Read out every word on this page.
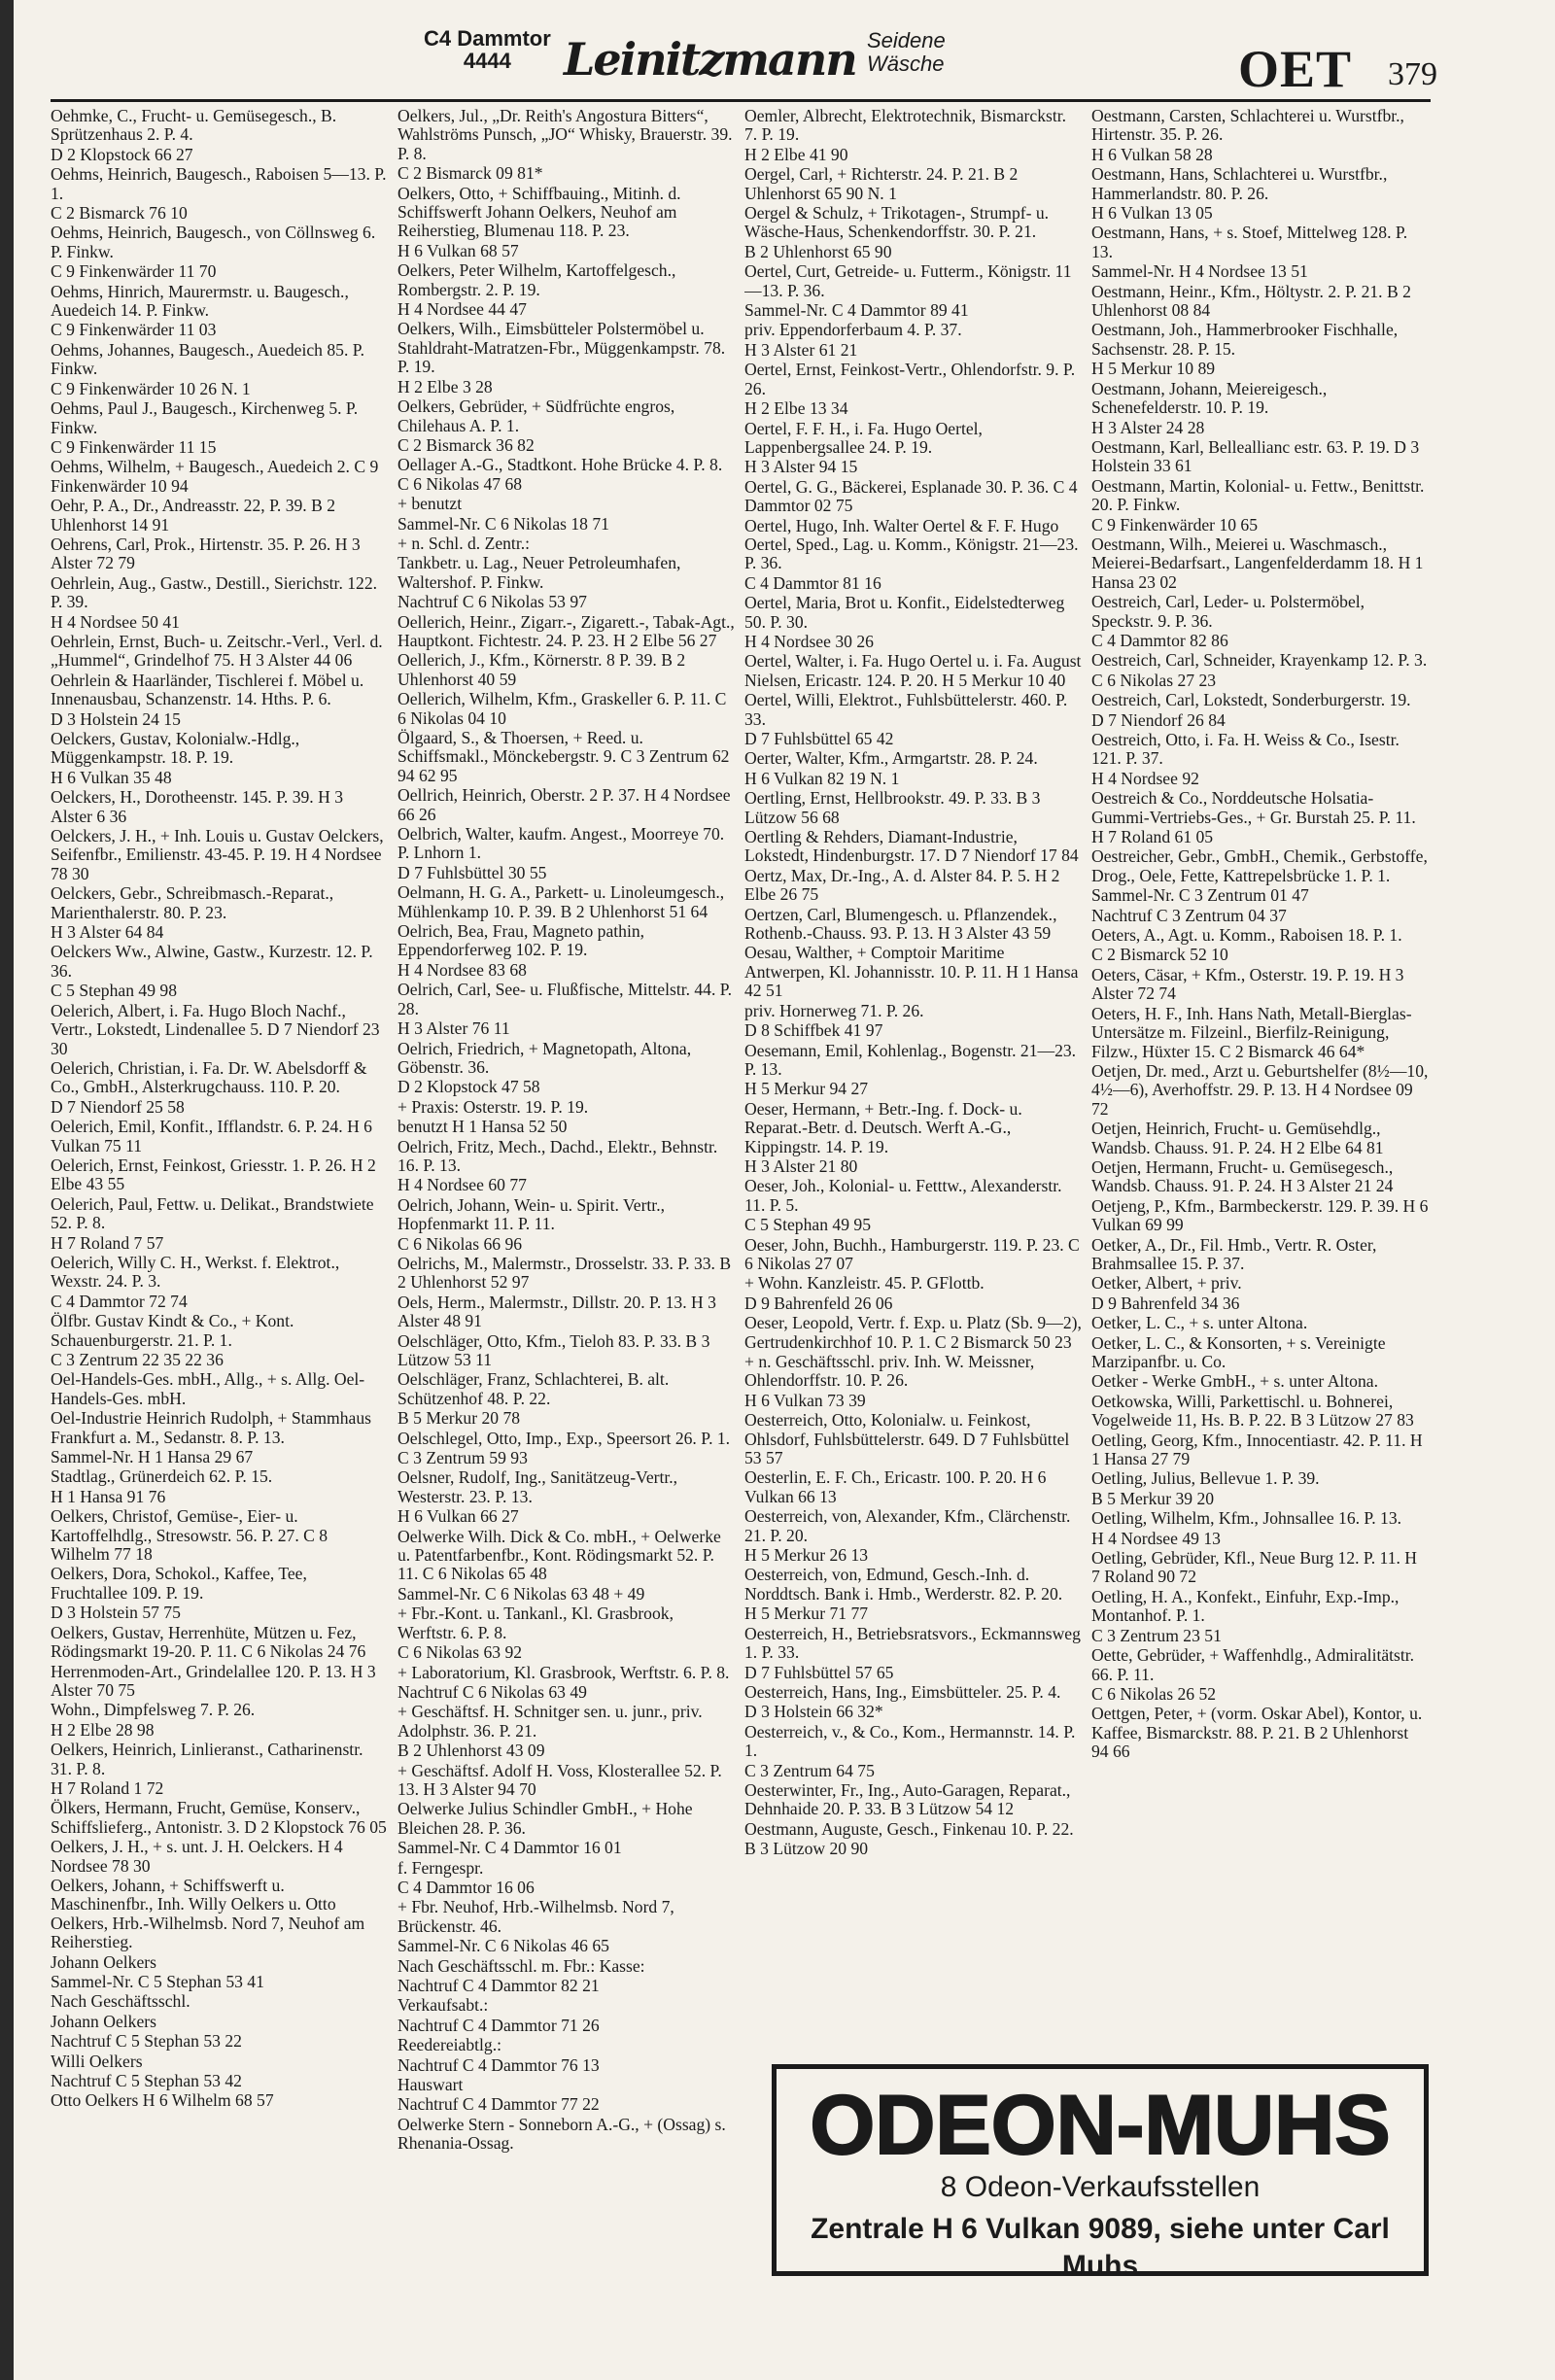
C4 Dammtor
4444	Leinitzmann Seidene
Wäsche	OET 379
Oehmke, C., Frucht- u. Gemüsegesch., B. Sprützenhaus 2. P. 4.
D 2 Klopstock 66 27
Oehms, Heinrich, Baugesch., Raboisen 5—13. P. 1.
C 2 Bismarck 76 10
Oehms, Heinrich, Baugesch., von Cöllnsweg 6. P. Finkw.
C 9 Finkenwärder 11 70
Oehms, Hinrich, Maurermstr. u. Baugesch., Auedeich 14. P. Finkw.
C 9 Finkenwärder 11 03
Oehms, Johannes, Baugesch., Auedeich 85. P. Finkw.
C 9 Finkenwärder 10 26 N. 1
Oehms, Paul J., Baugesch., Kirchenweg 5. P. Finkw.
C 9 Finkenwärder 11 15
Oehms, Wilhelm, + Baugesch., Auedeich 2. C 9 Finkenwärder 10 94
Oehr, P. A., Dr., Andreasstr. 22, P. 39. B 2 Uhlenhorst 14 91
Oehrens, Carl, Prok., Hirtenstr. 35. P. 26. H 3 Alster 72 79
Oehrlein, Aug., Gastw., Destill., Sierichstr. 122. P. 39.
H 4 Nordsee 50 41
Oehrlein, Ernst, Buch- u. Zeitschr.-Verl., Verl. d. „Hummel“, Grindelhof 75. H 3 Alster 44 06
Oehrlein & Haarländer, Tischlerei f. Möbel u. Innenausbau, Schanzenstr. 14. Hths. P. 6.
D 3 Holstein 24 15
Oelckers, Gustav, Kolonialw.-Hdlg., Müggenkampstr. 18. P. 19.
H 6 Vulkan 35 48
Oelckers, H., Dorotheenstr. 145. P. 39. H 3 Alster 6 36
Oelckers, J. H., + Inh. Louis u. Gustav Oelckers, Seifenfbr., Emilienstr. 43-45. P. 19. H 4 Nordsee 78 30
Oelckers, Gebr., Schreibmasch.-Reparat., Marienthalerstr. 80. P. 23.
H 3 Alster 64 84
Oelckers Ww., Alwine, Gastw., Kurzestr. 12. P. 36.
C 5 Stephan 49 98
Oelerich, Albert, i. Fa. Hugo Bloch Nachf., Vertr., Lokstedt, Lindenallee 5. D 7 Niendorf 23 30
Oelerich, Christian, i. Fa. Dr. W. Abelsdorff & Co., GmbH., Alsterkrugchauss. 110. P. 20.
D 7 Niendorf 25 58
Oelerich, Emil, Konfit., Ifflandstr. 6. P. 24. H 6 Vulkan 75 11
Oelerich, Ernst, Feinkost, Griesstr. 1. P. 26. H 2 Elbe 43 55
Oelerich, Paul, Fettw. u. Delikat., Brandstwiete 52. P. 8.
H 7 Roland 7 57
Oelerich, Willy C. H., Werkst. f. Elektrot., Wexstr. 24. P. 3.
C 4 Dammtor 72 74
Ölfbr. Gustav Kindt & Co., + Kont. Schauenburgerstr. 21. P. 1.
C 3 Zentrum 22 35 22 36
Oel-Handels-Ges. mbH., Allg., + s. Allg. Oel-Handels-Ges. mbH.
Oel-Industrie Heinrich Rudolph, + Stammhaus Frankfurt a. M., Sedanstr. 8. P. 13.
Sammel-Nr. H 1 Hansa 29 67
Stadtlag., Grünerdeich 62. P. 15.
H 1 Hansa 91 76
Oelkers, Christof, Gemüse-, Eier- u. Kartoffelhdlg., Stresowstr. 56. P. 27. C 8 Wilhelm 77 18
Oelkers, Dora, Schokol., Kaffee, Tee, Fruchtallee 109. P. 19.
D 3 Holstein 57 75
Oelkers, Gustav, Herrenhüte, Mützen u. Fez, Rödingsmarkt 19-20. P. 11. C 6 Nikolas 24 76
Herrenmoden-Art., Grindelallee 120. P. 13. H 3 Alster 70 75
Wohn., Dimpfelsweg 7. P. 26.
H 2 Elbe 28 98
Oelkers, Heinrich, Linlieranst., Catharinenstr. 31. P. 8.
H 7 Roland 1 72
Ölkers, Hermann, Frucht, Gemüse, Konserv., Schiffslieferg., Antonistr. 3. D 2 Klopstock 76 05
Oelkers, J. H., + s. unt. J. H. Oelckers. H 4 Nordsee 78 30
Oelkers, Johann, + Schiffswerft u. Maschinenfbr., Inh. Willy Oelkers u. Otto Oelkers, Hrb.-Wilhelmsb. Nord 7, Neuhof am Reiherstieg.
Johann Oelkers
Sammel-Nr. C 5 Stephan 53 41
Nach Geschäftsschl.
Johann Oelkers
Nachtruf C 5 Stephan 53 22
Willi Oelkers
Nachtruf C 5 Stephan 53 42
Otto Oelkers H 6 Wilhelm 68 57
Oelkers, Jul., „Dr. Reith's Angostura Bitters“, Wahlströms Punsch, „JO“ Whisky, Brauerstr. 39. P. 8.
C 2 Bismarck 09 81*
Oelkers, Otto, + Schiffbauing., Mitinh. d. Schiffswerft Johann Oelkers, Neuhof am Reiherstieg, Blumenau 118. P. 23.
H 6 Vulkan 68 57
Oelkers, Peter Wilhelm, Kartoffelgesch., Rombergstr. 2. P. 19.
H 4 Nordsee 44 47
Oelkers, Wilh., Eimsbütteler Polstermöbel u. Stahldraht-Matratzen-Fbr., Müggenkampstr. 78. P. 19.
H 2 Elbe 3 28
Oelkers, Gebrüder, + Südfrüchte engros, Chilehaus A. P. 1.
C 2 Bismarck 36 82
Oellager A.-G., Stadtkont. Hohe Brücke 4. P. 8. C 6 Nikolas 47 68
+ benutzt
Sammel-Nr. C 6 Nikolas 18 71
+ n. Schl. d. Zentr.:
Tankbetr. u. Lag., Neuer Petroleumhafen, Waltershof. P. Finkw.
Nachtruf C 6 Nikolas 53 97
Oellerich, Heinr., Zigarr.-, Zigarett.-, Tabak-Agt., Hauptkont. Fichtestr. 24. P. 23. H 2 Elbe 56 27
Oellerich, J., Kfm., Körnerstr. 8 P. 39. B 2 Uhlenhorst 40 59
Oellerich, Wilhelm, Kfm., Graskeller 6. P. 11. C 6 Nikolas 04 10
Ölgaard, S., & Thoersen, + Reed. u. Schiffsmakl., Mönckebergstr. 9. C 3 Zentrum 62 94 62 95
Oellrich, Heinrich, Oberstr. 2 P. 37. H 4 Nordsee 66 26
Oelbrich, Walter, kaufm. Angest., Moorreye 70. P. Lnhorn 1.
D 7 Fuhlsbüttel 30 55
Oelmann, H. G. A., Parkett- u. Linoleumgesch., Mühlenkamp 10. P. 39. B 2 Uhlenhorst 51 64
Oelrich, Bea, Frau, Magneto pathin, Eppendorferweg 102. P. 19.
H 4 Nordsee 83 68
Oelrich, Carl, See- u. Flußfische, Mittelstr. 44. P. 28.
H 3 Alster 76 11
Oelrich, Friedrich, + Magnetopath, Altona, Göbenstr. 36.
D 2 Klopstock 47 58
+ Praxis: Osterstr. 19. P. 19.
benutzt H 1 Hansa 52 50
Oelrich, Fritz, Mech., Dachd., Elektr., Behnstr. 16. P. 13.
H 4 Nordsee 60 77
Oelrich, Johann, Wein- u. Spirit. Vertr., Hopfenmarkt 11. P. 11.
C 6 Nikolas 66 96
Oelrichs, M., Malermstr., Drosselstr. 33. P. 33. B 2 Uhlenhorst 52 97
Oels, Herm., Malermstr., Dillstr. 20. P. 13. H 3 Alster 48 91
Oelschläger, Otto, Kfm., Tieloh 83. P. 33. B 3 Lützow 53 11
Oelschläger, Franz, Schlachterei, B. alt. Schützenhof 48. P. 22.
B 5 Merkur 20 78
Oelschlegel, Otto, Imp., Exp., Speersort 26. P. 1.
C 3 Zentrum 59 93
Oelsner, Rudolf, Ing., Sanitätzeug-Vertr., Westerstr. 23. P. 13.
H 6 Vulkan 66 27
Oelwerke Wilh. Dick & Co. mbH., + Oelwerke u. Patentfarbenfbr., Kont. Rödingsmarkt 52. P. 11. C 6 Nikolas 65 48
Sammel-Nr. C 6 Nikolas 63 48 + 49
+ Fbr.-Kont. u. Tankanl., Kl. Grasbrook, Werftstr. 6. P. 8.
C 6 Nikolas 63 92
+ Laboratorium, Kl. Grasbrook, Werftstr. 6. P. 8.
Nachtruf C 6 Nikolas 63 49
+ Geschäftsf. H. Schnitger sen. u. junr., priv. Adolphstr. 36. P. 21.
B 2 Uhlenhorst 43 09
+ Geschäftsf. Adolf H. Voss, Klosterallee 52. P. 13. H 3 Alster 94 70
Oelwerke Julius Schindler GmbH., + Hohe Bleichen 28. P. 36.
Sammel-Nr. C 4 Dammtor 16 01
f. Ferngespr.
C 4 Dammtor 16 06
+ Fbr. Neuhof, Hrb.-Wilhelmsb. Nord 7, Brückenstr. 46.
Sammel-Nr. C 6 Nikolas 46 65
Nach Geschäftsschl. m. Fbr.: Kasse:
Nachtruf C 4 Dammtor 82 21
Verkaufsabt.:
Nachtruf C 4 Dammtor 71 26
Reedereiabtlg.:
Nachtruf C 4 Dammtor 76 13
Hauswart
Nachtruf C 4 Dammtor 77 22
Oelwerke Stern - Sonneborn A.-G., + (Ossag) s. Rhenania-Ossag.
Oemler, Albrecht, Elektrotechnik, Bismarckstr. 7. P. 19.
H 2 Elbe 41 90
Oergel, Carl, + Richterstr. 24. P. 21. B 2 Uhlenhorst 65 90 N. 1
Oergel & Schulz, + Trikotagen-, Strumpf- u. Wäsche-Haus, Schenkendorffstr. 30. P. 21.
B 2 Uhlenhorst 65 90
Oertel, Curt, Getreide- u. Futterm., Königstr. 11—13. P. 36.
Sammel-Nr. C 4 Dammtor 89 41
priv. Eppendorferbaum 4. P. 37.
H 3 Alster 61 21
Oertel, Ernst, Feinkost-Vertr., Ohlendorfstr. 9. P. 26.
H 2 Elbe 13 34
Oertel, F. F. H., i. Fa. Hugo Oertel, Lappenbergsallee 24. P. 19.
H 3 Alster 94 15
Oertel, G. G., Bäckerei, Esplanade 30. P. 36. C 4 Dammtor 02 75
Oertel, Hugo, Inh. Walter Oertel & F. F. Hugo Oertel, Sped., Lag. u. Komm., Königstr. 21—23. P. 36.
C 4 Dammtor 81 16
Oertel, Maria, Brot u. Konfit., Eidelstedterweg 50. P. 30.
H 4 Nordsee 30 26
Oertel, Walter, i. Fa. Hugo Oertel u. i. Fa. August Nielsen, Ericastr. 124. P. 20. H 5 Merkur 10 40
Oertel, Willi, Elektrot., Fuhlsbüttelerstr. 460. P. 33.
D 7 Fuhlsbüttel 65 42
Oerter, Walter, Kfm., Armgartstr. 28. P. 24.
H 6 Vulkan 82 19 N. 1
Oertling, Ernst, Hellbrookstr. 49. P. 33. B 3 Lützow 56 68
Oertling & Rehders, Diamant-Industrie, Lokstedt, Hindenburgstr. 17. D 7 Niendorf 17 84
Oertz, Max, Dr.-Ing., A. d. Alster 84. P. 5. H 2 Elbe 26 75
Oertzen, Carl, Blumengesch. u. Pflanzendek., Rothenb.-Chauss. 93. P. 13. H 3 Alster 43 59
Oesau, Walther, + Comptoir Maritime Antwerpen, Kl. Johannisstr. 10. P. 11. H 1 Hansa 42 51
priv. Hornerweg 71. P. 26.
D 8 Schiffbek 41 97
Oesemann, Emil, Kohlenlag., Bogenstr. 21—23. P. 13.
H 5 Merkur 94 27
Oeser, Hermann, + Betr.-Ing. f. Dock- u. Reparat.-Betr. d. Deutsch. Werft A.-G., Kippingstr. 14. P. 19.
H 3 Alster 21 80
Oeser, Joh., Kolonial- u. Fetttw., Alexanderstr. 11. P. 5.
C 5 Stephan 49 95
Oeser, John, Buchh., Hamburgerstr. 119. P. 23. C 6 Nikolas 27 07
+ Wohn. Kanzleistr. 45. P. GFlottb.
D 9 Bahrenfeld 26 06
Oeser, Leopold, Vertr. f. Exp. u. Platz (Sb. 9—2), Gertrudenkirchhof 10. P. 1. C 2 Bismarck 50 23
+ n. Geschäftsschl. priv. Inh. W. Meissner, Ohlendorffstr. 10. P. 26.
H 6 Vulkan 73 39
Oesterreich, Otto, Kolonialw. u. Feinkost, Ohlsdorf, Fuhlsbüttelerstr. 649. D 7 Fuhlsbüttel 53 57
Oesterlin, E. F. Ch., Ericastr. 100. P. 20. H 6 Vulkan 66 13
Oesterreich, von, Alexander, Kfm., Clärchenstr. 21. P. 20.
H 5 Merkur 26 13
Oesterreich, von, Edmund, Gesch.-Inh. d. Norddtsch. Bank i. Hmb., Werderstr. 82. P. 20.
H 5 Merkur 71 77
Oesterreich, H., Betriebsratsvors., Eckmannsweg 1. P. 33.
D 7 Fuhlsbüttel 57 65
Oesterreich, Hans, Ing., Eimsbütteler. 25. P. 4.
D 3 Holstein 66 32*
Oesterreich, v., & Co., Kom., Hermannstr. 14. P. 1.
C 3 Zentrum 64 75
Oesterwinter, Fr., Ing., Auto-Garagen, Reparat., Dehnhaide 20. P. 33. B 3 Lützow 54 12
Oestmann, Auguste, Gesch., Finkenau 10. P. 22.
B 3 Lützow 20 90
Oestmann, Carsten, Schlachterei u. Wurstfbr., Hirtenstr. 35. P. 26.
H 6 Vulkan 58 28
Oestmann, Hans, Schlachterei u. Wurstfbr., Hammerlandstr. 80. P. 26.
H 6 Vulkan 13 05
Oestmann, Hans, + s. Stoef, Mittelweg 128. P. 13.
Sammel-Nr. H 4 Nordsee 13 51
Oestmann, Heinr., Kfm., Höltystr. 2. P. 21. B 2 Uhlenhorst 08 84
Oestmann, Joh., Hammerbrooker Fischhalle, Sachsenstr. 28. P. 15.
H 5 Merkur 10 89
Oestmann, Johann, Meiereigesch., Schenefelderstr. 10. P. 19.
H 3 Alster 24 28
Oestmann, Karl, Belleallianc estr. 63. P. 19. D 3 Holstein 33 61
Oestmann, Martin, Kolonial- u. Fettw., Benittstr. 20. P. Finkw.
C 9 Finkenwärder 10 65
Oestmann, Wilh., Meierei u. Waschmasch., Meierei-Bedarfsart., Langenfelderdamm 18. H 1 Hansa 23 02
Oestreich, Carl, Leder- u. Polstermöbel, Speckstr. 9. P. 36.
C 4 Dammtor 82 86
Oestreich, Carl, Schneider, Krayenkamp 12. P. 3.
C 6 Nikolas 27 23
Oestreich, Carl, Lokstedt, Sonderburgerstr. 19.
D 7 Niendorf 26 84
Oestreich, Otto, i. Fa. H. Weiss & Co., Isestr. 121. P. 37.
H 4 Nordsee 92
Oestreich & Co., Norddeutsche Holsatia-Gummi-Vertriebs-Ges., + Gr. Burstah 25. P. 11.
H 7 Roland 61 05
Oestreicher, Gebr., GmbH., Chemik., Gerbstoffe, Drog., Oele, Fette, Kattrepelsbrücke 1. P. 1.
Sammel-Nr. C 3 Zentrum 01 47
Nachtruf C 3 Zentrum 04 37
Oeters, A., Agt. u. Komm., Raboisen 18. P. 1.
C 2 Bismarck 52 10
Oeters, Cäsar, + Kfm., Osterstr. 19. P. 19. H 3 Alster 72 74
Oeters, H. F., Inh. Hans Nath, Metall-Bierglas-Untersätze m. Filzeinl., Bierfilz-Reinigung, Filzw., Hüxter 15. C 2 Bismarck 46 64*
Oetjen, Dr. med., Arzt u. Geburtshelfer (8½—10, 4½—6), Averhoffstr. 29. P. 13. H 4 Nordsee 09 72
Oetjen, Heinrich, Frucht- u. Gemüsehdlg., Wandsb. Chauss. 91. P. 24. H 2 Elbe 64 81
Oetjen, Hermann, Frucht- u. Gemüsegesch., Wandsb. Chauss. 91. P. 24. H 3 Alster 21 24
Oetjeng, P., Kfm., Barmbeckerstr. 129. P. 39. H 6 Vulkan 69 99
Oetker, A., Dr., Fil. Hmb., Vertr. R. Oster, Brahmsallee 15. P. 37.
Oetker, Albert, + priv.
D 9 Bahrenfeld 34 36
Oetker, L. C., + s. unter Altona.
Oetker, L. C., & Konsorten, + s. Vereinigte Marzipanfbr. u. Co.
Oetker - Werke GmbH., + s. unter Altona.
Oetkowska, Willi, Parkettischl. u. Bohnerei, Vogelweide 11, Hs. B. P. 22. B 3 Lützow 27 83
Oetling, Georg, Kfm., Innocentiastr. 42. P. 11. H 1 Hansa 27 79
Oetling, Julius, Bellevue 1. P. 39.
B 5 Merkur 39 20
Oetling, Wilhelm, Kfm., Johnsallee 16. P. 13.
H 4 Nordsee 49 13
Oetling, Gebrüder, Kfl., Neue Burg 12. P. 11. H 7 Roland 90 72
Oetling, H. A., Konfekt., Einfuhr, Exp.-Imp., Montanhof. P. 1.
C 3 Zentrum 23 51
Oette, Gebrüder, + Waffenhdlg., Admiralitätstr. 66. P. 11.
C 6 Nikolas 26 52
Oettgen, Peter, + (vorm. Oskar Abel), Kontor, u. Kaffee, Bismarckstr. 88. P. 21. B 2 Uhlenhorst 94 66
ODEON-MUHS
8 Odeon-Verkaufsstellen
Zentrale H 6 Vulkan 9089, siehe unter Carl Muhs
